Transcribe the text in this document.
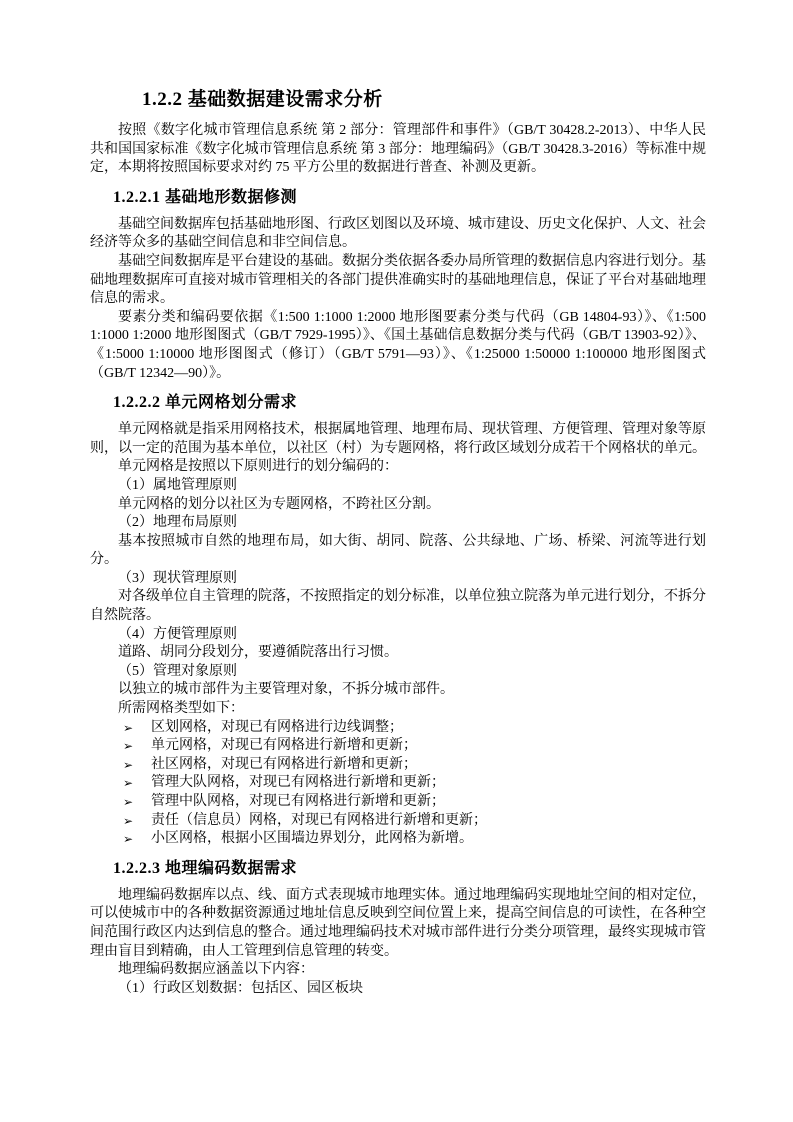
1.2.2 基础数据建设需求分析

按照《数字化城市管理信息系统 第 2 部分：管理部件和事件》（GB/T 30428.2-2013）、中华人民共和国国家标准《数字化城市管理信息系统 第 3 部分：地理编码》（GB/T 30428.3-2016）等标准中规定，本期将按照国标要求对约 75 平方公里的数据进行普查、补测及更新。

1.2.2.1 基础地形数据修测

基础空间数据库包括基础地形图、行政区划图以及环境、城市建设、历史文化保护、人文、社会经济等众多的基础空间信息和非空间信息。

基础空间数据库是平台建设的基础。数据分类依据各委办局所管理的数据信息内容进行划分。基础地理数据库可直接对城市管理相关的各部门提供准确实时的基础地理信息，保证了平台对基础地理信息的需求。

要素分类和编码要依据《1:500 1:1000 1:2000 地形图要素分类与代码（GB 14804-93）》、《1:500 1:1000 1:2000 地形图图式（GB/T 7929-1995）》、《国土基础信息数据分类与代码（GB/T 13903-92）》、《1:5000 1:10000 地形图图式（修订）（GB/T 5791—93）》、《1:25000 1:50000 1:100000 地形图图式（GB/T 12342—90）》。

1.2.2.2 单元网格划分需求

单元网格就是指采用网格技术，根据属地管理、地理布局、现状管理、方便管理、管理对象等原则，以一定的范围为基本单位，以社区（村）为专题网格，将行政区域划分成若干个网格状的单元。

单元网格是按照以下原则进行的划分编码的：

（1）属地管理原则

单元网格的划分以社区为专题网格，不跨社区分割。

（2）地理布局原则

基本按照城市自然的地理布局，如大街、胡同、院落、公共绿地、广场、桥梁、河流等进行划分。

（3）现状管理原则

对各级单位自主管理的院落，不按照指定的划分标准，以单位独立院落为单元进行划分，不拆分自然院落。

（4）方便管理原则

道路、胡同分段划分，要遵循院落出行习惯。

（5）管理对象原则

以独立的城市部件为主要管理对象，不拆分城市部件。

所需网格类型如下：

➢	区划网格，对现已有网格进行边线调整；
➢	单元网格，对现已有网格进行新增和更新；
➢	社区网格，对现已有网格进行新增和更新；
➢	管理大队网格，对现已有网格进行新增和更新；
➢	管理中队网格，对现已有网格进行新增和更新；
➢	责任（信息员）网格，对现已有网格进行新增和更新；
➢	小区网格，根据小区围墙边界划分，此网格为新增。
1.2.2.3 地理编码数据需求

地理编码数据库以点、线、面方式表现城市地理实体。通过地理编码实现地址空间的相对定位，可以使城市中的各种数据资源通过地址信息反映到空间位置上来，提高空间信息的可读性，在各种空间范围行政区内达到信息的整合。通过地理编码技术对城市部件进行分类分项管理，最终实现城市管理由盲目到精确，由人工管理到信息管理的转变。

地理编码数据应涵盖以下内容：

（1）行政区划数据：包括区、园区板块
